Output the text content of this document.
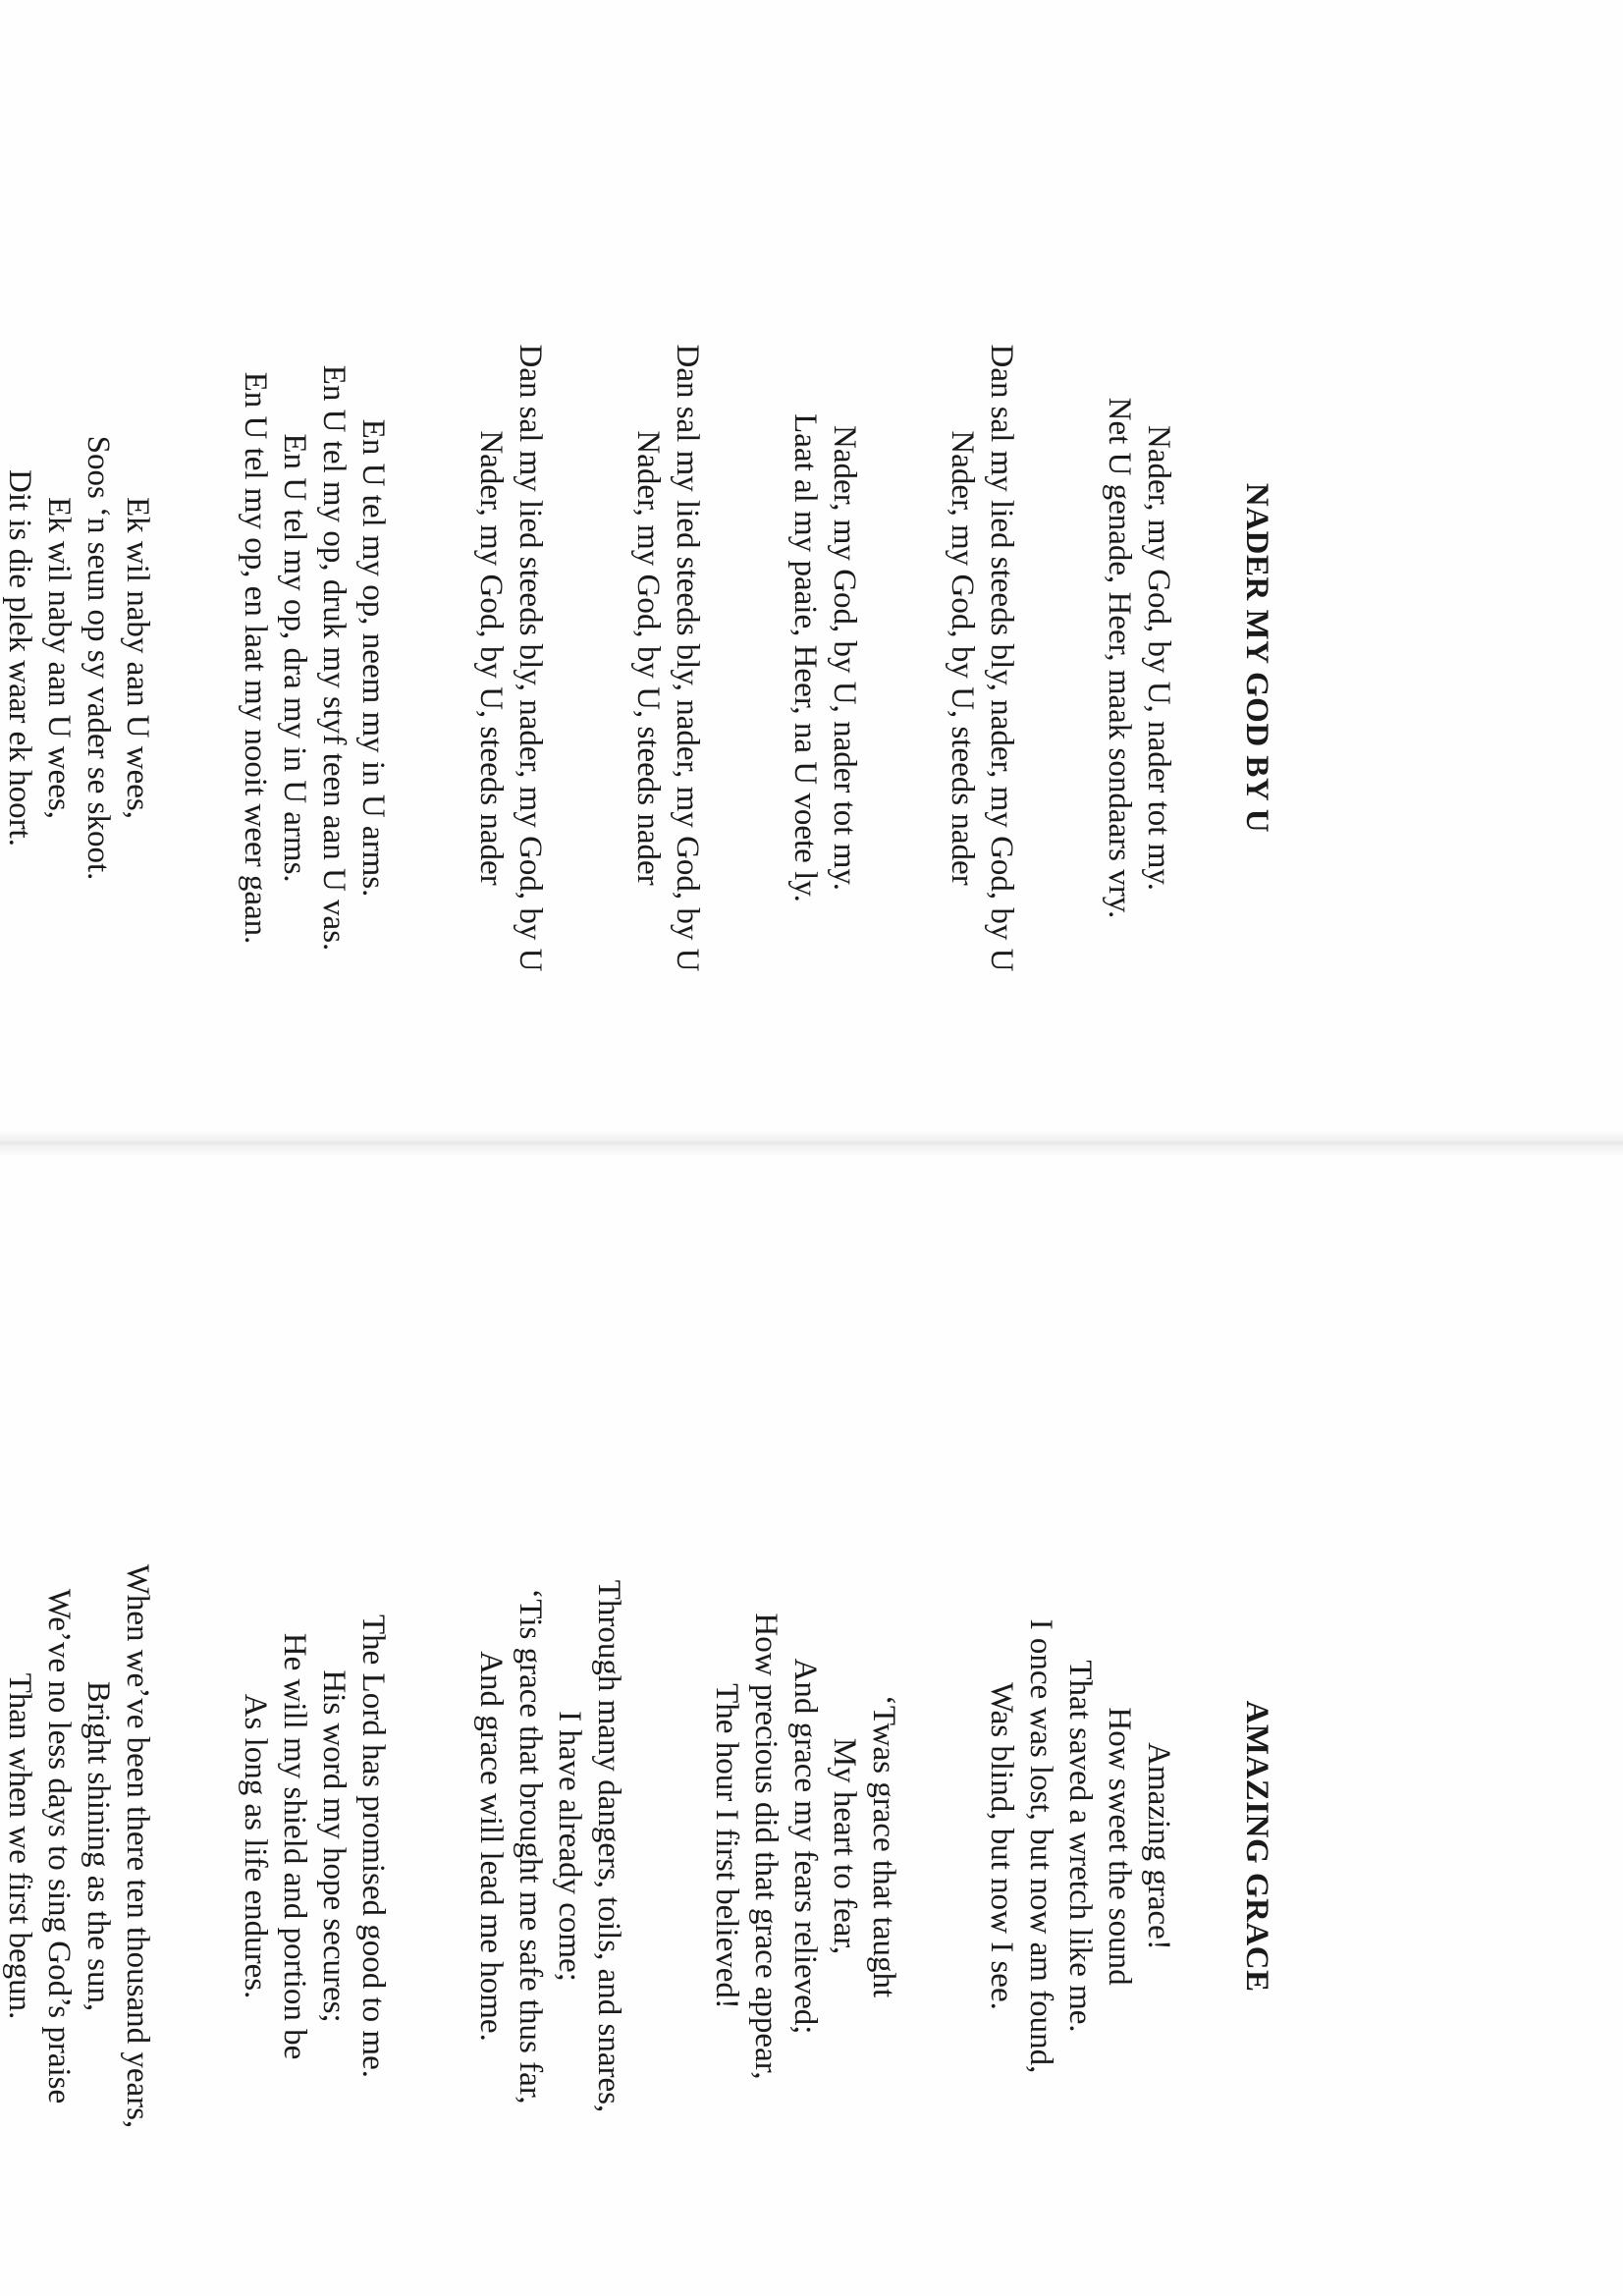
NADER MY GOD BY U
Nader, my God, by U, nader tot my.
Net U genade, Heer, maak sondaars vry.
Dan sal my lied steeds bly, nader, my God, by U
Nader, my God, by U, steeds nader
Nader, my God, by U, nader tot my.
Laat al my paaie, Heer, na U voete ly.
Dan sal my lied steeds bly, nader, my God, by U
Nader, my God, by U, steeds nader
Dan sal my lied steeds bly, nader, my God, by U
Nader, my God, by U, steeds nader
En U tel my op, neem my in U arms.
En U tel my op, druk my styf teen aan U vas.
En U tel my op, dra my in U arms.
En U tel my op, en laat my nooit weer gaan.
Ek wil naby aan U wees,
Soos ‘n seun op sy vader se skoot.
Ek wil naby aan U wees,
Dit is die plek waar ek hoort.
AMAZING GRACE
Amazing grace!
How sweet the sound
That saved a wretch like me.
I once was lost, but now am found,
Was blind, but now I see.
‘Twas grace that taught
My heart to fear,
And grace my fears relieved;
How precious did that grace appear,
The hour I first believed!
Through many dangers, toils, and snares,
I have already come;
‘Tis grace that brought me safe thus far,
And grace will lead me home.
The Lord has promised good to me.
His word my hope secures;
He will my shield and portion be
As long as life endures.
When we’ve been there ten thousand years,
Bright shining as the sun,
We’ve no less days to sing God’s praise
Than when we first begun.
